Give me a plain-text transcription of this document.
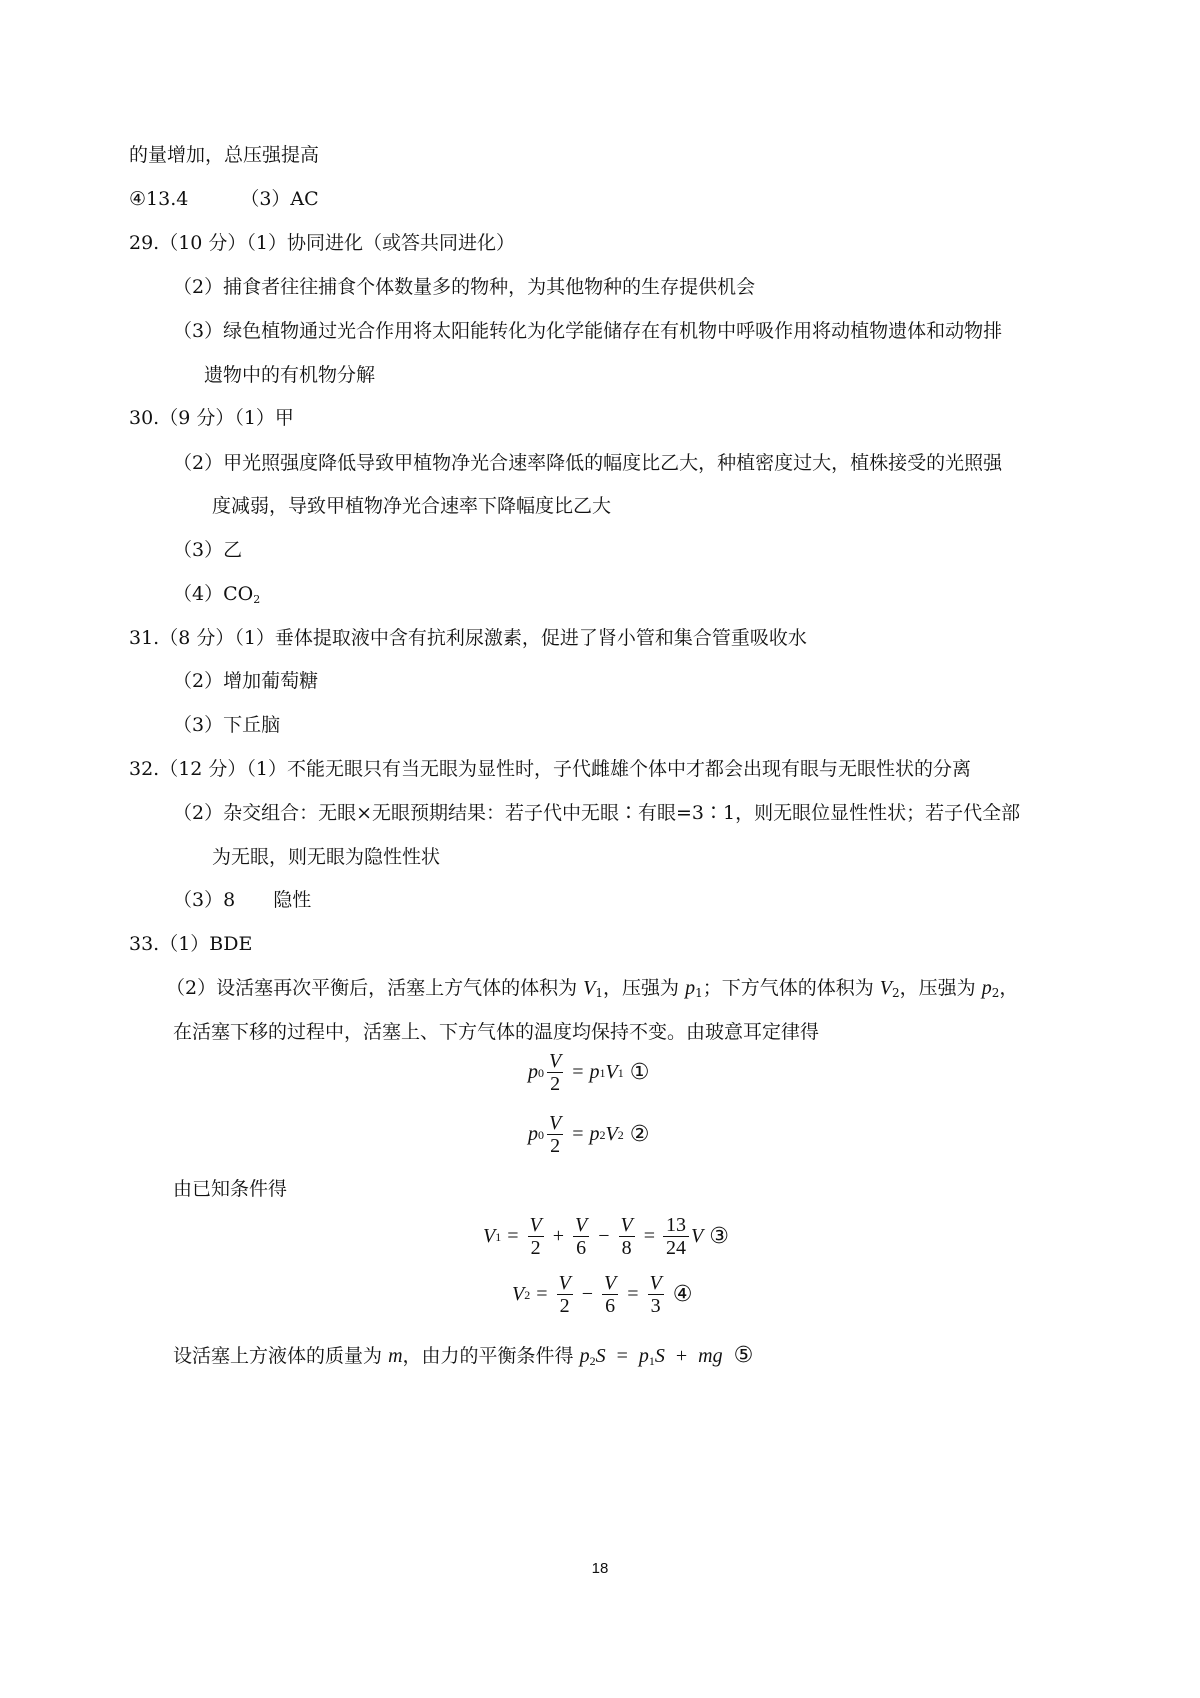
的量增加，总压强提高
④13.4	（3）AC
29.（10 分）（1）协同进化（或答共同进化）
（2）捕食者往往捕食个体数量多的物种，为其他物种的生存提供机会
（3）绿色植物通过光合作用将太阳能转化为化学能储存在有机物中呼吸作用将动植物遗体和动物排
遗物中的有机物分解
30.（9 分）（1）甲
（2）甲光照强度降低导致甲植物净光合速率降低的幅度比乙大，种植密度过大，植株接受的光照强
度减弱，导致甲植物净光合速率下降幅度比乙大
（3）乙
$(4)CO_2$
31.（8 分）（1）垂体提取液中含有抗利尿激素，促进了肾小管和集合管重吸收水
（2）增加葡萄糖
（3）下丘脑
32.（12 分）（1）不能无眼只有当无眼为显性时，子代雌雄个体中才都会出现有眼与无眼性状的分离
（2）杂交组合：无眼×无眼预期结果：若子代中无眼∶有眼=3∶1，则无眼位显性性状；若子代全部
为无眼，则无眼为隐性性状
（3）8 隐性
33.（1）BDE
（2）设活塞再次平衡后，活塞上方气体的体积为 $V_1$，压强为 $p_1$；下方气体的体积为 $V_2$，压强为 $p_2$，
在活塞下移的过程中，活塞上、下方气体的温度均保持不变。由玻意耳定律得
p $0 \frac{V}{2} = p$ 1 V 1 ①
p $0 \frac{V}{2} = p$ 2 V 2 ②
由已知条件得
V $1 = \frac{V}{2} + \frac{V}{6} - \frac{V}{8} = \frac{13}{24}$ V ③
V $2 = \frac{V}{2} - \frac{V}{6} = \frac{V}{3}$ ④
设活塞上方液体的质量为 m，由力的平衡条件得 $p_2S = p_1S$ + mg ⑤
18
